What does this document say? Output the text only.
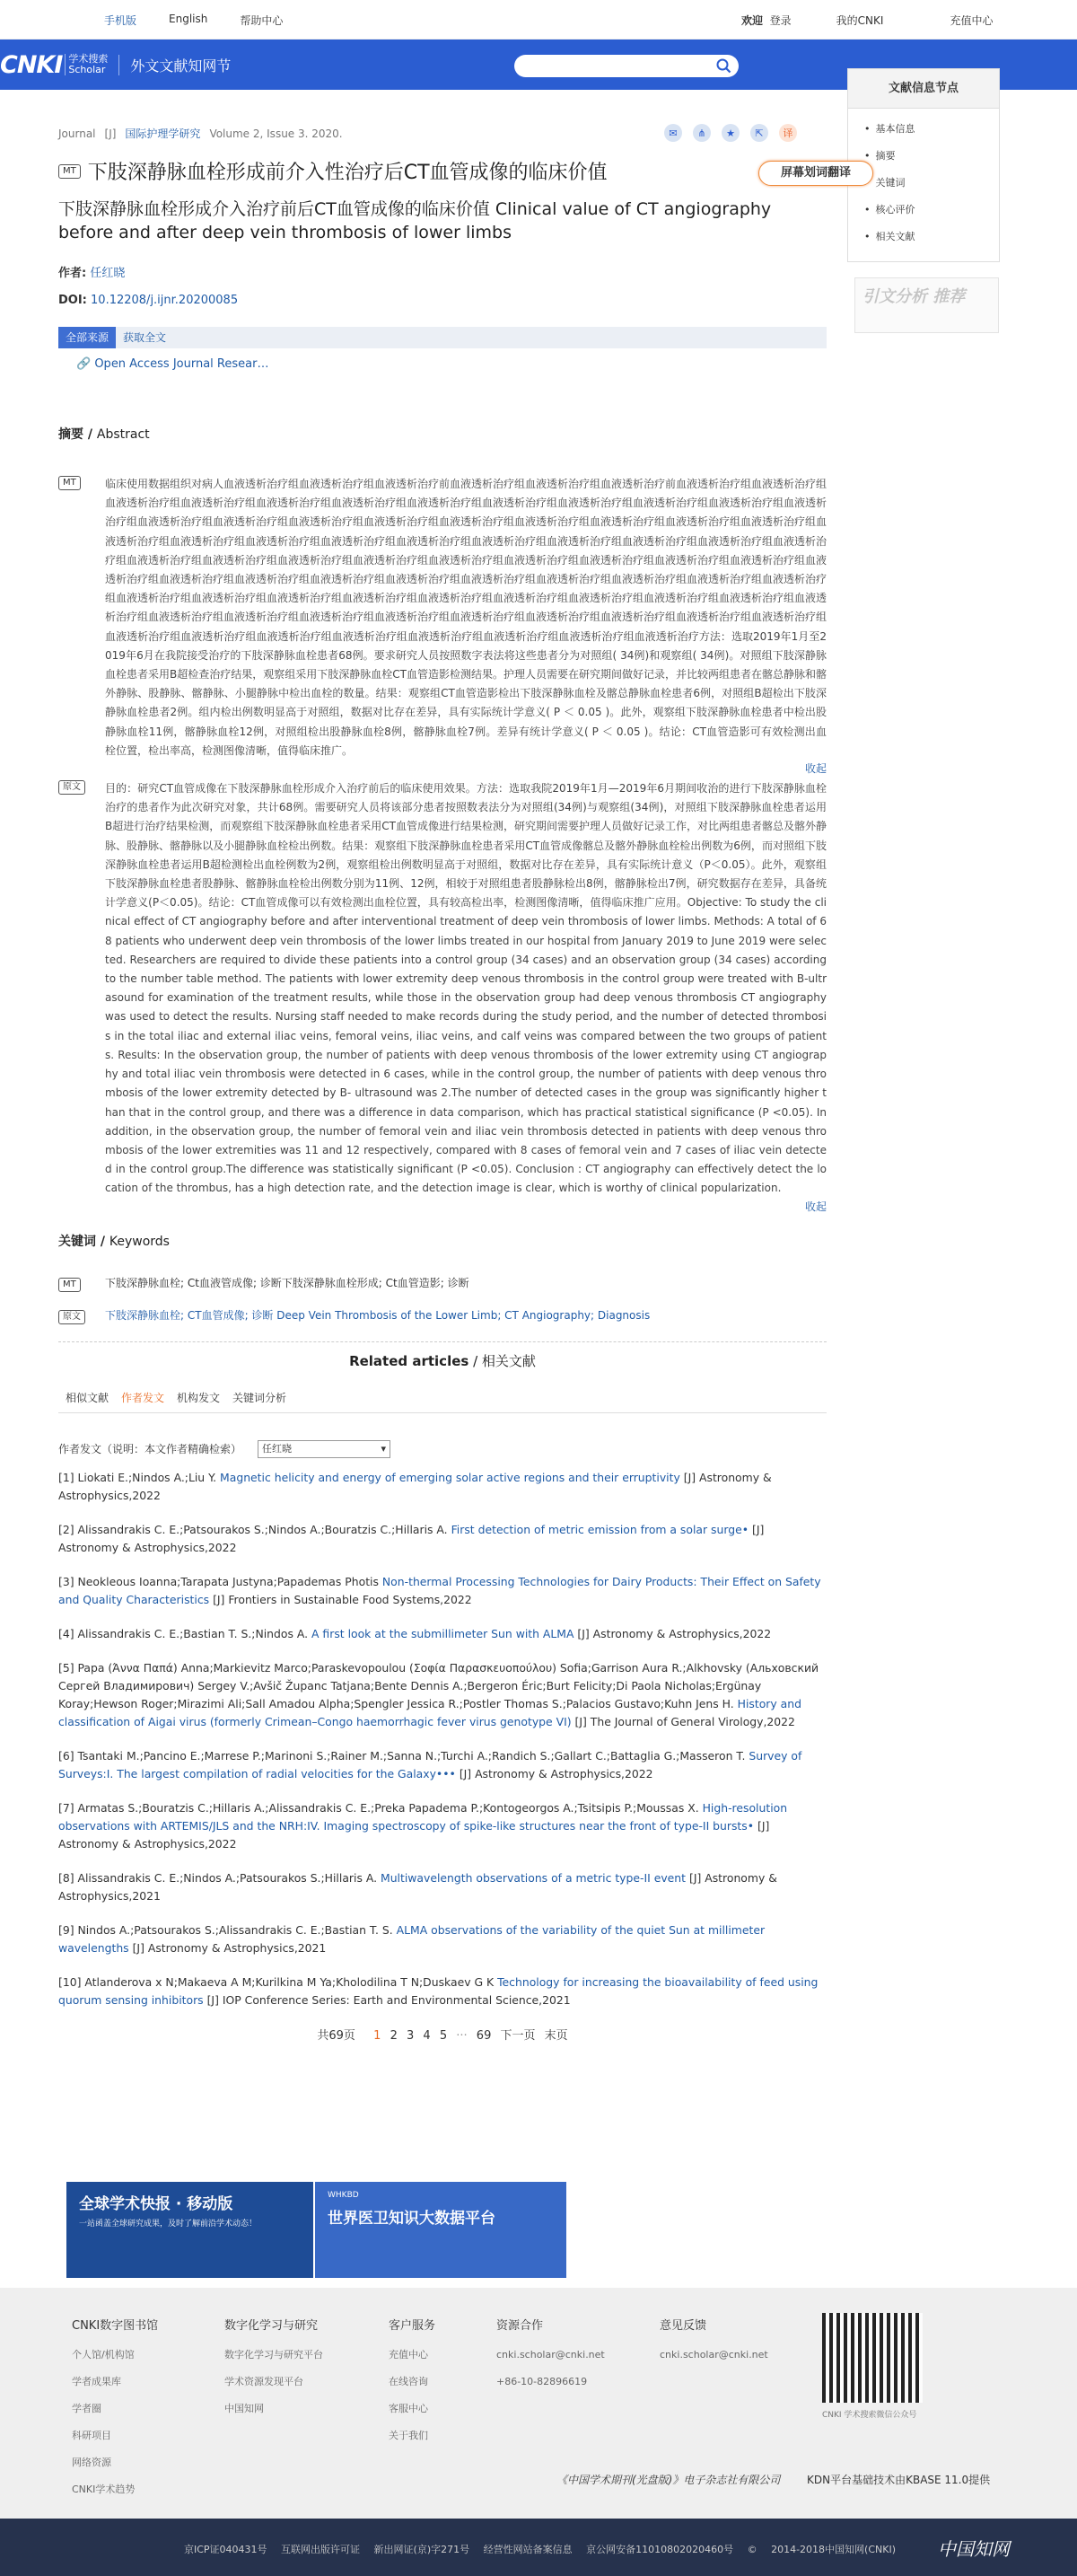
手机版	English	帮助中心	欢迎 登录	我的CNKI	充值中心
CNKI 学术搜索
Scholar	外文文献知网节
文献信息节点
• 基本信息
• 摘要
• 关键词
• 核心评价
• 相关文献
引文分析 推荐
屏幕划词翻译
Journal [J] 国际护理学研究 Volume 2, Issue 3. 2020.	✉	⋔	★	⇱	译
MT 下肢深静脉血栓形成前介入性治疗后CT血管成像的临床价值
下肢深静脉血栓形成介入治疗前后CT血管成像的临床价值 Clinical value of CT angiography before and after deep vein thrombosis of lower limbs
作者: 任红晓
DOI: 10.12208/j.ijnr.20200085
全部来源	获取全文
🔗 Open Access Journal Resear…
摘要 / Abstract
MT	临床使用数据组织对病人血液透析治疗组血液透析治疗组血液透析治疗前血液透析治疗组血液透析治疗组血液透析治疗前血液透析治疗组血液透析治疗组血液透析治疗组血液透析治疗组血液透析治疗组血液透析治疗组血液透析治疗组血液透析治疗组血液透析治疗组血液透析治疗组血液透析治疗组血液透析治疗组血液透析治疗组血液透析治疗组血液透析治疗组血液透析治疗组血液透析治疗组血液透析治疗组血液透析治疗组血液透析治疗组血液透析治疗组血液透析治疗组血液透析治疗组血液透析治疗组血液透析治疗组血液透析治疗组血液透析治疗组血液透析治疗组血液透析治疗组血液透析治疗组血液透析治疗组血液透析治疗组血液透析治疗组血液透析治疗组血液透析治疗组血液透析治疗组血液透析治疗组血液透析治疗组血液透析治疗组血液透析治疗组血液透析治疗组血液透析治疗组血液透析治疗组血液透析治疗组血液透析治疗组血液透析治疗组血液透析治疗组血液透析治疗组血液透析治疗组血液透析治疗组血液透析治疗组血液透析治疗组血液透析治疗组血液透析治疗组血液透析治疗组血液透析治疗组血液透析治疗组血液透析治疗组血液透析治疗组血液透析治疗组血液透析治疗组血液透析治疗组血液透析治疗组血液透析治疗组血液透析治疗组血液透析治疗组血液透析治疗组血液透析治疗组血液透析治疗组血液透析治疗组血液透析治疗组血液透析治疗组血液透析治疗组血液透析治疗组血液透析治疗组血液透析治疗组血液透析治疗方法：选取2019年1月至2019年6月在我院接受治疗的下肢深静脉血栓患者68例。要求研究人员按照数字表法将这些患者分为对照组( 34例)和观察组( 34例)。对照组下肢深静脉血栓患者采用B超检查治疗结果，观察组采用下肢深静脉血栓CT血管造影检测结果。护理人员需要在研究期间做好记录，并比较两组患者在髂总静脉和髂外静脉、股静脉、髂静脉、小腿静脉中检出血栓的数量。结果：观察组CT血管造影检出下肢深静脉血栓及髂总静脉血栓患者6例，对照组B超检出下肢深静脉血栓患者2例。组内检出例数明显高于对照组，数据对比存在差异，具有实际统计学意义( P ＜ 0.05 )。此外，观察组下肢深静脉血栓患者中检出股静脉血栓11例，髂静脉血栓12例，对照组检出股静脉血栓8例，髂静脉血栓7例。差异有统计学意义( P ＜ 0.05 )。结论：CT血管造影可有效检测出血栓位置，检出率高，检测图像清晰，值得临床推广。
收起
原文	目的：研究CT血管成像在下肢深静脉血栓形成介入治疗前后的临床使用效果。方法：选取我院2019年1月—2019年6月期间收治的进行下肢深静脉血栓治疗的患者作为此次研究对象，共计68例。需要研究人员将该部分患者按照数表法分为对照组(34例)与观察组(34例)，对照组下肢深静脉血栓患者运用B超进行治疗结果检测，而观察组下肢深静脉血栓患者采用CT血管成像进行结果检测，研究期间需要护理人员做好记录工作，对比两组患者髂总及髂外静脉、股静脉、髂静脉以及小腿静脉血栓检出例数。结果：观察组下肢深静脉血栓患者采用CT血管成像髂总及髂外静脉血栓检出例数为6例，而对照组下肢深静脉血栓患者运用B超检测检出血栓例数为2例，观察组检出例数明显高于对照组，数据对比存在差异，具有实际统计意义（P＜0.05）。此外，观察组下肢深静脉血栓患者股静脉、髂静脉血栓检出例数分别为11例、12例，相较于对照组患者股静脉检出8例，髂静脉检出7例，研究数据存在差异，具备统计学意义(P＜0.05)。结论：CT血管成像可以有效检测出血栓位置，具有较高检出率，检测图像清晰，值得临床推广应用。Objective: To study the clinical effect of CT angiography before and after interventional treatment of deep vein thrombosis of lower limbs. Methods: A total of 68 patients who underwent deep vein thrombosis of the lower limbs treated in our hospital from January 2019 to June 2019 were selected. Researchers are required to divide these patients into a control group (34 cases) and an observation group (34 cases) according to the number table method. The patients with lower extremity deep venous thrombosis in the control group were treated with B-ultrasound for examination of the treatment results, while those in the observation group had deep venous thrombosis CT angiography was used to detect the results. Nursing staff needed to make records during the study period, and the number of detected thrombosis in the total iliac and external iliac veins, femoral veins, iliac veins, and calf veins was compared between the two groups of patients. Results: In the observation group, the number of patients with deep venous thrombosis of the lower extremity using CT angiography and total iliac vein thrombosis were detected in 6 cases, while in the control group, the number of patients with deep venous thrombosis of the lower extremity detected by B- ultrasound was 2.The number of detected cases in the group was significantly higher than that in the control group, and there was a difference in data comparison, which has practical statistical significance (P <0.05). In addition, in the observation group, the number of femoral vein and iliac vein thrombosis detected in patients with deep venous thrombosis of the lower extremities was 11 and 12 respectively, compared with 8 cases of femoral vein and 7 cases of iliac vein detected in the control group.The difference was statistically significant (P <0.05). Conclusion : CT angiography can effectively detect the location of the thrombus, has a high detection rate, and the detection image is clear, which is worthy of clinical popularization.
收起
关键词 / Keywords
MT	下肢深静脉血栓; Ct血液管成像; 诊断下肢深静脉血栓形成; Ct血管造影; 诊断
原文	下肢深静脉血栓; CT血管成像; 诊断 Deep Vein Thrombosis of the Lower Limb; CT Angiography; Diagnosis
Related articles / 相关文献
相似文献 作者发文 机构发文 关键词分析
作者发文（说明：本文作者精确检索）	任红晓 ▾
[1] Liokati E.;Nindos A.;Liu Y. Magnetic helicity and energy of emerging solar active regions and their erruptivity [J] Astronomy & Astrophysics,2022
[2] Alissandrakis C. E.;Patsourakos S.;Nindos A.;Bouratzis C.;Hillaris A. First detection of metric emission from a solar surge• [J] Astronomy & Astrophysics,2022
[3] Neokleous Ioanna;Tarapata Justyna;Papademas Photis Non-thermal Processing Technologies for Dairy Products: Their Effect on Safety and Quality Characteristics [J] Frontiers in Sustainable Food Systems,2022
[4] Alissandrakis C. E.;Bastian T. S.;Nindos A. A first look at the submillimeter Sun with ALMA [J] Astronomy & Astrophysics,2022
[5] Papa (Άννα Παπά) Anna;Markievitz Marco;Paraskevopoulou (Σοφία Παρασκευοπούλου) Sofia;Garrison Aura R.;Alkhovsky (Альховский Сергей Владимирович) Sergey V.;Avšič Županc Tatjana;Bente Dennis A.;Bergeron Éric;Burt Felicity;Di Paola Nicholas;Ergünay Koray;Hewson Roger;Mirazimi Ali;Sall Amadou Alpha;Spengler Jessica R.;Postler Thomas S.;Palacios Gustavo;Kuhn Jens H. History and classification of Aigai virus (formerly Crimean–Congo haemorrhagic fever virus genotype VI) [J] The Journal of General Virology,2022
[6] Tsantaki M.;Pancino E.;Marrese P.;Marinoni S.;Rainer M.;Sanna N.;Turchi A.;Randich S.;Gallart C.;Battaglia G.;Masseron T. Survey of Surveys:I. The largest compilation of radial velocities for the Galaxy••• [J] Astronomy & Astrophysics,2022
[7] Armatas S.;Bouratzis C.;Hillaris A.;Alissandrakis C. E.;Preka Papadema P.;Kontogeorgos A.;Tsitsipis P.;Moussas X. High-resolution observations with ARTEMIS/JLS and the NRH:IV. Imaging spectroscopy of spike-like structures near the front of type-II bursts• [J] Astronomy & Astrophysics,2022
[8] Alissandrakis C. E.;Nindos A.;Patsourakos S.;Hillaris A. Multiwavelength observations of a metric type-II event [J] Astronomy & Astrophysics,2021
[9] Nindos A.;Patsourakos S.;Alissandrakis C. E.;Bastian T. S. ALMA observations of the variability of the quiet Sun at millimeter wavelengths [J] Astronomy & Astrophysics,2021
[10] Atlanderova x N;Makaeva A M;Kurilkina M Ya;Kholodilina T N;Duskaev G K Technology for increasing the bioavailability of feed using quorum sensing inhibitors [J] IOP Conference Series: Earth and Environmental Science,2021
共69页 1 2 3 4 5 ··· 69 下一页 末页
全球学术快报 · 移动版
一站函盖全球研究成果，及时了解前沿学术动态！
WHKBD
世界医卫知识大数据平台
CNKI数字图书馆
个人馆/机构馆
学者成果库
学者圈
科研项目
网络资源
CNKI学术趋势
数字化学习与研究
数字化学习与研究平台
学术资源发现平台
中国知网
客户服务
充值中心
在线咨询
客服中心
关于我们
资源合作
cnki.scholar@cnki.net
+86-10-82896619
意见反馈
cnki.scholar@cnki.net
CNKI 学术搜索微信公众号
《中国学术期刊(光盘版)》电子杂志社有限公司 KDN平台基础技术由KBASE 11.0提供
京ICP证040431号 互联网出版许可证 新出网证(京)字271号 经营性网站备案信息 京公网安备11010802020460号 © 2014-2018中国知网(CNKI) 中国知网
